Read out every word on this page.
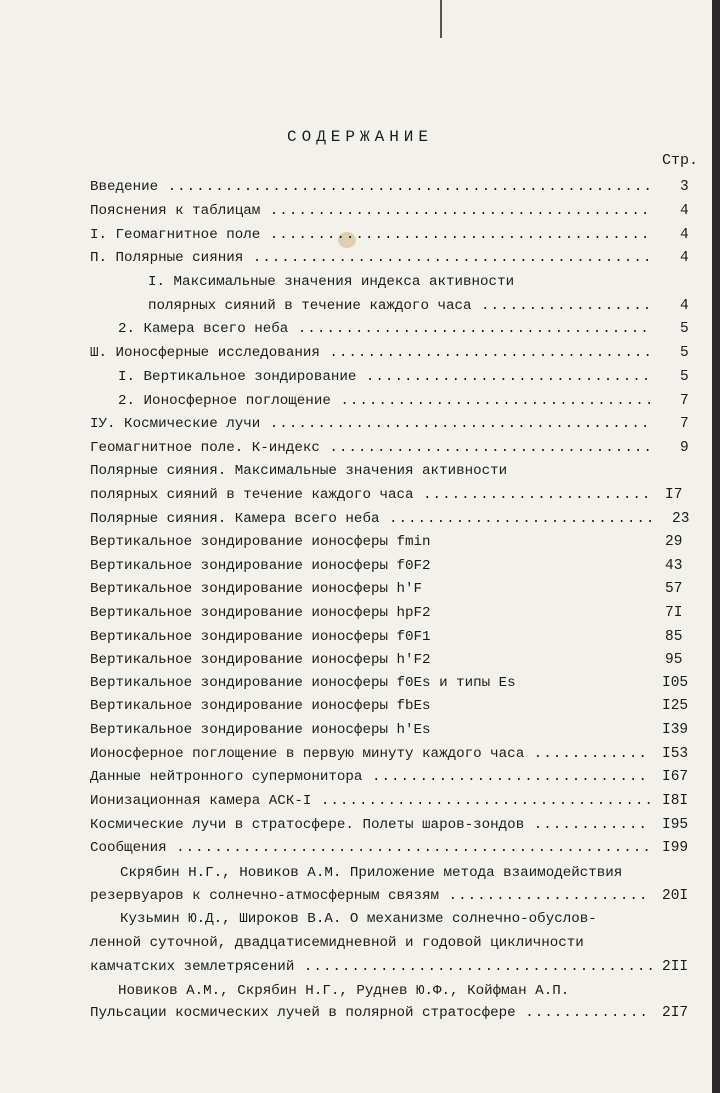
СОДЕРЖАНИЕ
Стр.
Введение ................................................... 3
Пояснения к таблицам ........................................ 4
I. Геомагнитное поле ........................................ 4
П. Полярные сияния .......................................... 4
I. Максимальные значения индекса активности
полярных сияний в течение каждого часа .................. 4
2. Камера всего неба ..................................... 5
Ш. Ионосферные исследования .................................. 5
I. Вертикальное зондирование .............................. 5
2. Ионосферное поглощение ................................. 7
IУ. Космические лучи ........................................ 7
Геомагнитное поле. К-индекс .................................. 9
Полярные сияния. Максимальные значения активности
полярных сияний в течение каждого часа ........................ I7
Полярные сияния. Камера всего неба ............................ 23
Вертикальное зондирование ионосферы fmin	29
Вертикальное зондирование ионосферы f0F2	43
Вертикальное зондирование ионосферы h'F	57
Вертикальное зондирование ионосферы hpF2	7I
Вертикальное зондирование ионосферы f0F1	85
Вертикальное зондирование ионосферы h'F2	95
Вертикальное зондирование ионосферы f0Es и типы Es	I05
Вертикальное зондирование ионосферы fbEs	I25
Вертикальное зондирование ионосферы h'Es	I39
Ионосферное поглощение в первую минуту каждого часа ............ I53
Данные нейтронного супермонитора ............................. I67
Ионизационная камера АСК-I ................................... I8I
Космические лучи в стратосфере. Полеты шаров-зондов ............ I95
Сообщения .................................................. I99
Скрябин Н.Г., Новиков А.М. Приложение метода взаимодействия
резервуаров к солнечно-атмосферным связям ..................... 20I
Кузьмин Ю.Д., Широков В.А. О механизме солнечно-обуслов-
ленной суточной, двадцатисемидневной и годовой цикличности
камчатских землетрясений ..................................... 2II
Новиков А.М., Скрябин Н.Г., Руднев Ю.Ф., Койфман А.П.
Пульсации космических лучей в полярной стратосфере ............. 2I7
